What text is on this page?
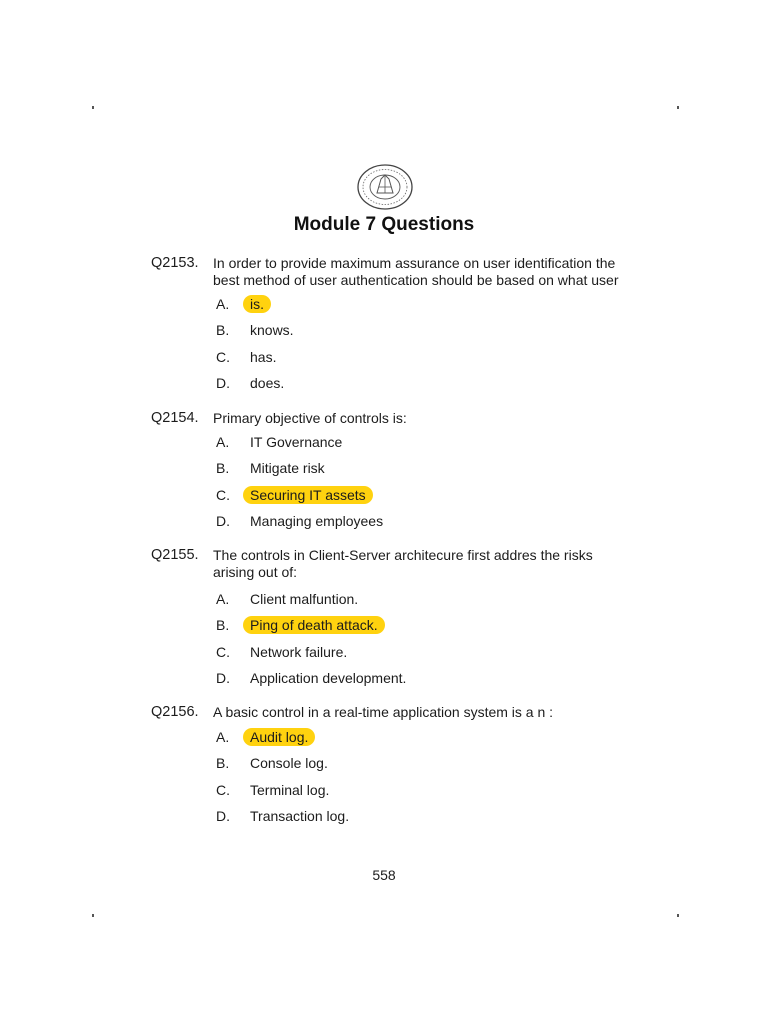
Module 7 Questions
Q2153. In order to provide maximum assurance on user identification the best method of user authentication should be based on what user
Q2154. Primary objective of controls is:
Q2155. The controls in Client-Server architecure first addres the risks arising out of:
Q2156. A basic control in a real-time application system is a n :
558
A. is.
B. knows.
C. has.
D. does.
A. IT Governance
B. Mitigate risk
C. Securing IT assets
D. Managing employees
A. Client malfuntion.
B. Ping of death attack.
C. Network failure.
D. Application development.
A. Audit log.
B. Console log.
C. Terminal log.
D. Transaction log.
